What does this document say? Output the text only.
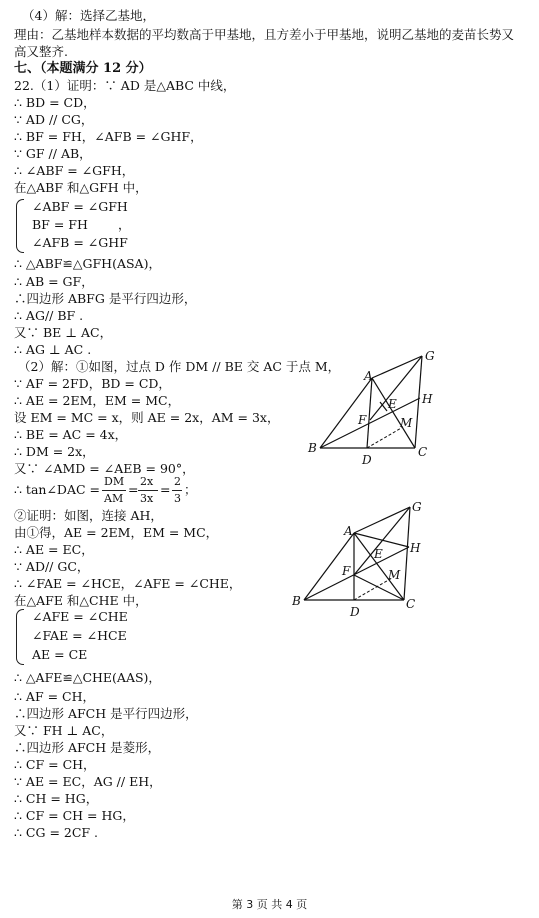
（4）解：选择乙基地，
理由：乙基地样本数据的平均数高于甲基地，且方差小于甲基地，说明乙基地的麦苗长势又
高又整齐.
七、（本题满分 12 分）
22.（1）证明：∵ AD 是△ABC 中线，
∴ BD = CD，
∵ AD // CG，
∴ BF = FH，∠AFB = ∠GHF，
∵ GF // AB，
∴ ∠ABF = ∠GFH，
在△ABF 和△GFH 中，
∠ABF = ∠GFH
BF = FH ，
∠AFB = ∠GHF
∴ △ABF≌△GFH(ASA)，
∴ AB = GF，
∴四边形 ABFG 是平行四边形，
∴ AG// BF .
又∵ BE ⊥ AC，
∴ AG ⊥ AC .
（2）解：①如图，过点 D 作 DM // BE 交 AC 于点 M，
∵ AF = 2FD，BD = CD，
∴ AE = 2EM，EM = MC，
设 EM = MC = x，则 AE = 2x，AM = 3x，
∴ BE = AC = 4x，
∴ DM = 2x，
又∵ ∠AMD = ∠AEB = 90°，
∴ tan∠DAC =
DM
AM
=
2x
3x
=
2
3
；
②证明：如图，连接 AH，
由①得，AE = 2EM，EM = MC，
∴ AE = EC，
∵ AD// GC，
∴ ∠FAE = ∠HCE，∠AFE = ∠CHE，
在△AFE 和△CHE 中，
∠AFE = ∠CHE
∠FAE = ∠HCE
AE = CE
∴ △AFE≌△CHE(AAS)，
∴ AF = CH，
∴四边形 AFCH 是平行四边形，
又∵ FH ⊥ AC，
∴四边形 AFCH 是菱形，
∴ CF = CH，
∵ AE = EC，AG // EH，
∴ CH = HG，
∴ CF = CH = HG，
∴ CG = 2CF .
A
B	C
D
E
F
G
H
M
A
B	C
D
E
F
G
H
M
第 3 页 共 4 页
